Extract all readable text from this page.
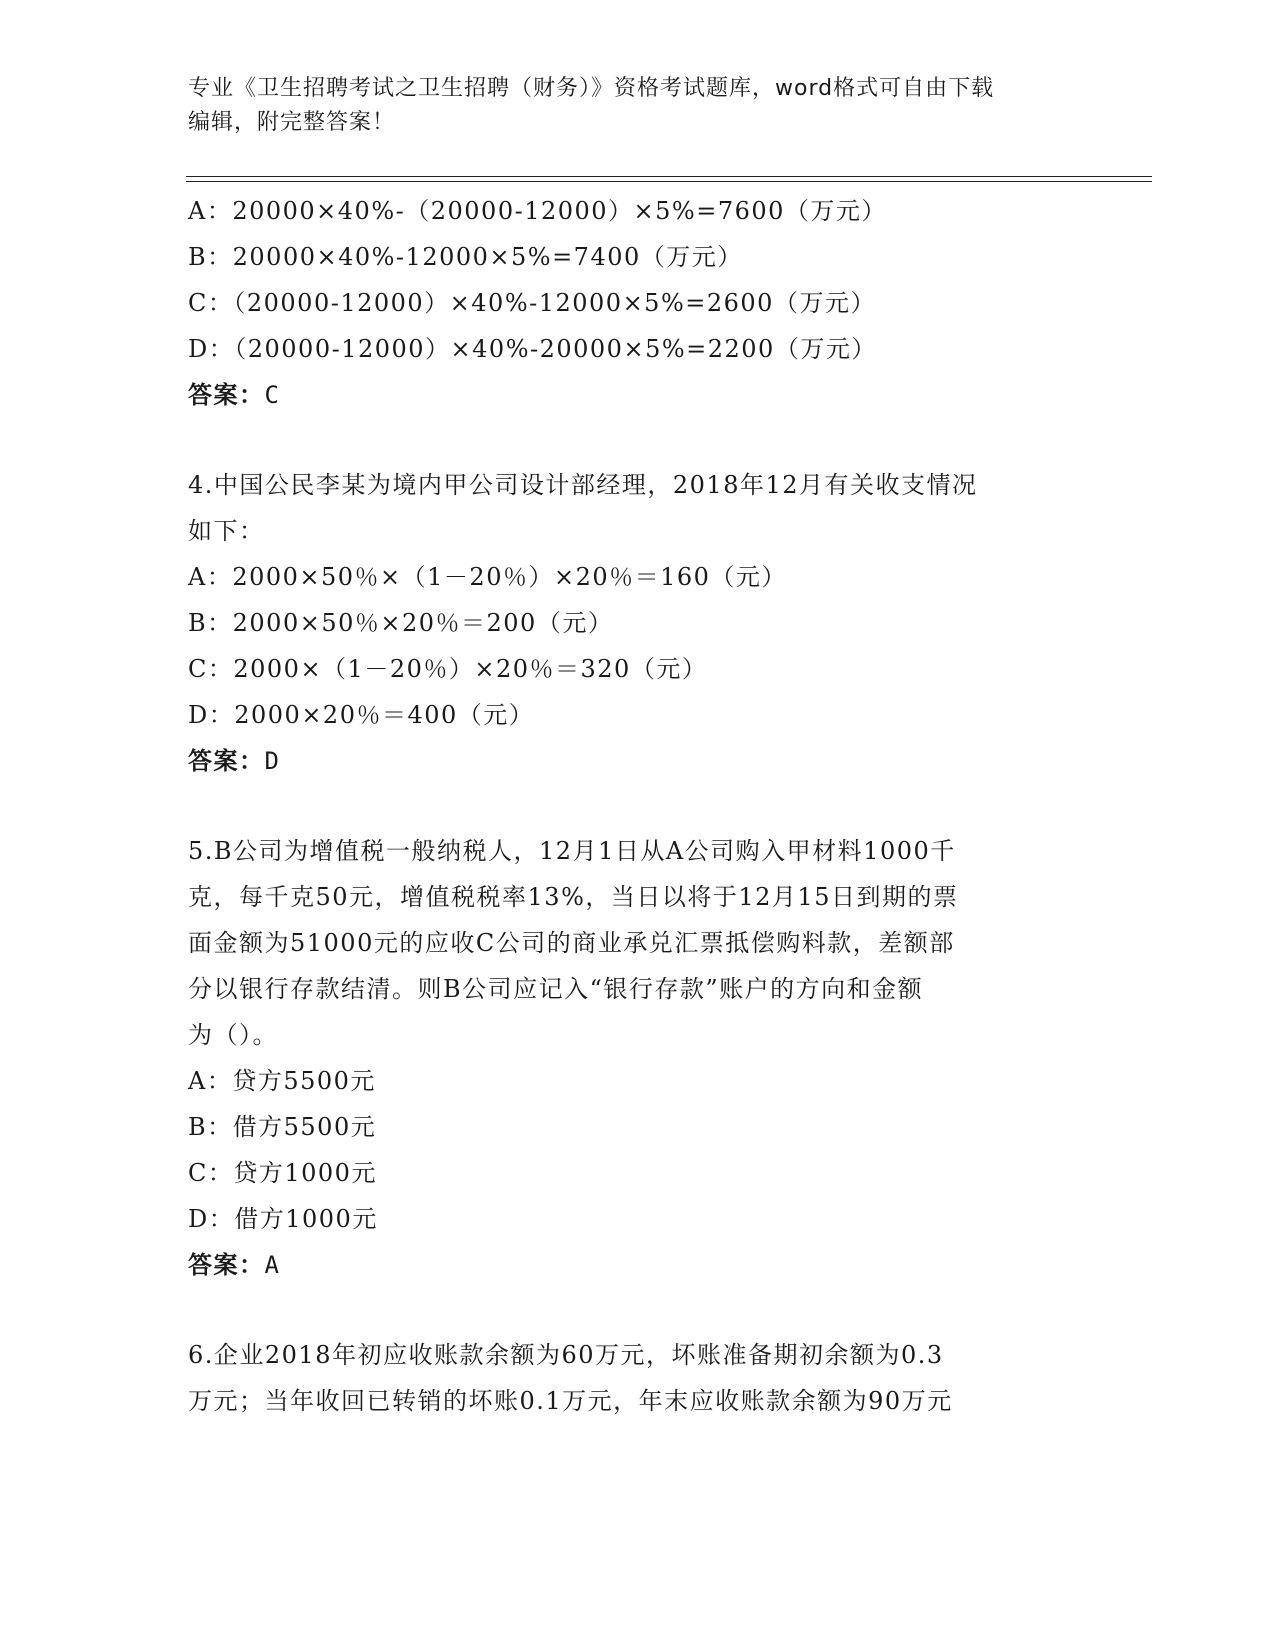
专业《卫生招聘考试之卫生招聘（财务）》资格考试题库，word格式可自由下载
编辑，附完整答案！
A：20000×40%-（20000-12000）×5%=7600（万元）
B：20000×40%-12000×5%=7400（万元）
C：（20000-12000）×40%-12000×5%=2600（万元）
D：（20000-12000）×40%-20000×5%=2200（万元）
答案：C
4.中国公民李某为境内甲公司设计部经理，2018年12月有关收支情况
如下：
A：2000×50％×（1－20％）×20％＝160（元）
B：2000×50％×20％＝200（元）
C：2000×（1－20％）×20％＝320（元）
D：2000×20％＝400（元）
答案：D
5.B公司为增值税一般纳税人，12月1日从A公司购入甲材料1000千
克，每千克50元，增值税税率13%，当日以将于12月15日到期的票
面金额为51000元的应收C公司的商业承兑汇票抵偿购料款，差额部
分以银行存款结清。则B公司应记入“银行存款”账户的方向和金额
为（）。
A：贷方5500元
B：借方5500元
C：贷方1000元
D：借方1000元
答案：A
6.企业2018年初应收账款余额为60万元，坏账准备期初余额为0.3
万元；当年收回已转销的坏账0.1万元，年末应收账款余额为90万元
